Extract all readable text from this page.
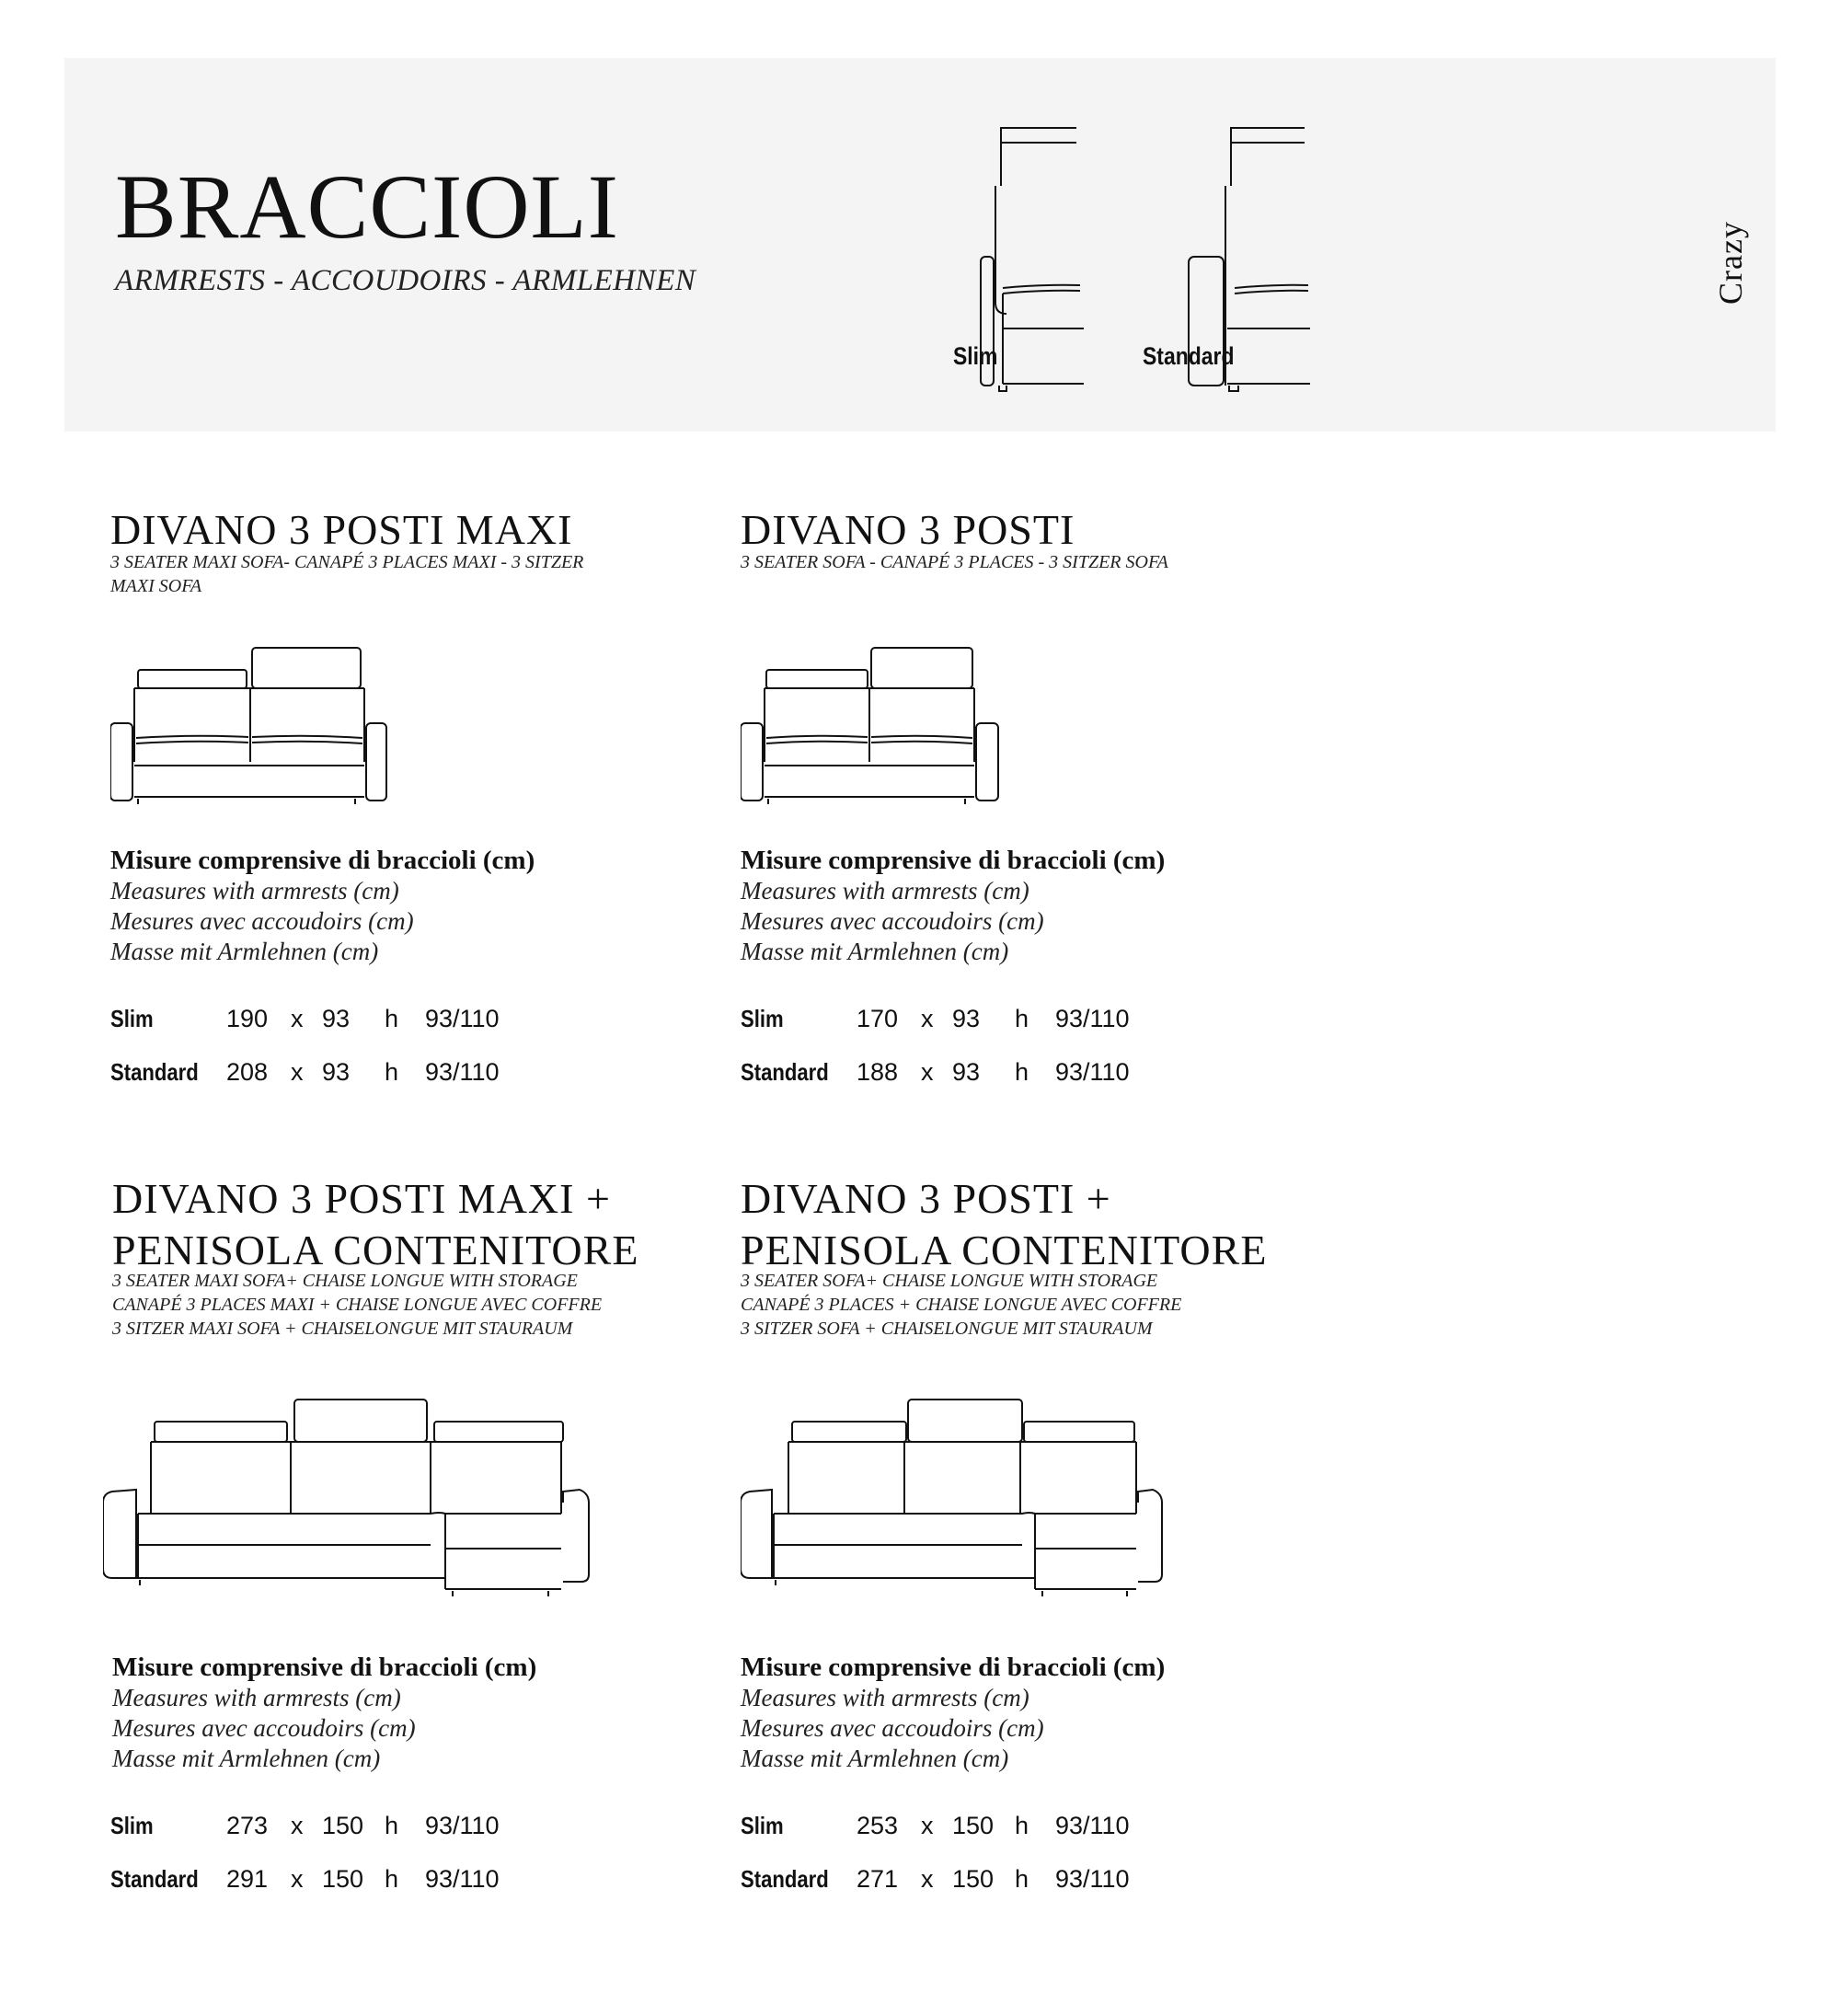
BRACCIOLI
ARMRESTS - ACCOUDOIRS - ARMLEHNEN
Slim	Standard
Crazy
DIVANO 3 POSTI MAXI
3 SEATER MAXI SOFA- CANAPÉ 3 PLACES MAXI - 3 SITZER
MAXI SOFA
Misure comprensive di braccioli (cm)
Measures with armrests (cm)
Mesures avec accoudoirs (cm)
Masse mit Armlehnen (cm)
Slim	190 x 93 h 93/110
Standard 208 x 93 h 93/110
DIVANO 3 POSTI
3 SEATER SOFA - CANAPÉ 3 PLACES - 3 SITZER SOFA
Misure comprensive di braccioli (cm)
Measures with armrests (cm)
Mesures avec accoudoirs (cm)
Masse mit Armlehnen (cm)
Slim	170 x 93 h 93/110
Standard 188 x 93 h 93/110
DIVANO 3 POSTI MAXI +
PENISOLA CONTENITORE
3 SEATER MAXI SOFA+ CHAISE LONGUE WITH STORAGE
CANAPÉ 3 PLACES MAXI + CHAISE LONGUE AVEC COFFRE
3 SITZER MAXI SOFA + CHAISELONGUE MIT STAURAUM
Misure comprensive di braccioli (cm)
Measures with armrests (cm)
Mesures avec accoudoirs (cm)
Masse mit Armlehnen (cm)
Slim	273 x 150 h 93/110
Standard 291 x 150 h 93/110
DIVANO 3 POSTI +
PENISOLA CONTENITORE
3 SEATER SOFA+ CHAISE LONGUE WITH STORAGE
CANAPÉ 3 PLACES + CHAISE LONGUE AVEC COFFRE
3 SITZER SOFA + CHAISELONGUE MIT STAURAUM
Misure comprensive di braccioli (cm)
Measures with armrests (cm)
Mesures avec accoudoirs (cm)
Masse mit Armlehnen (cm)
Slim	253 x 150 h 93/110
Standard 271 x 150 h 93/110
